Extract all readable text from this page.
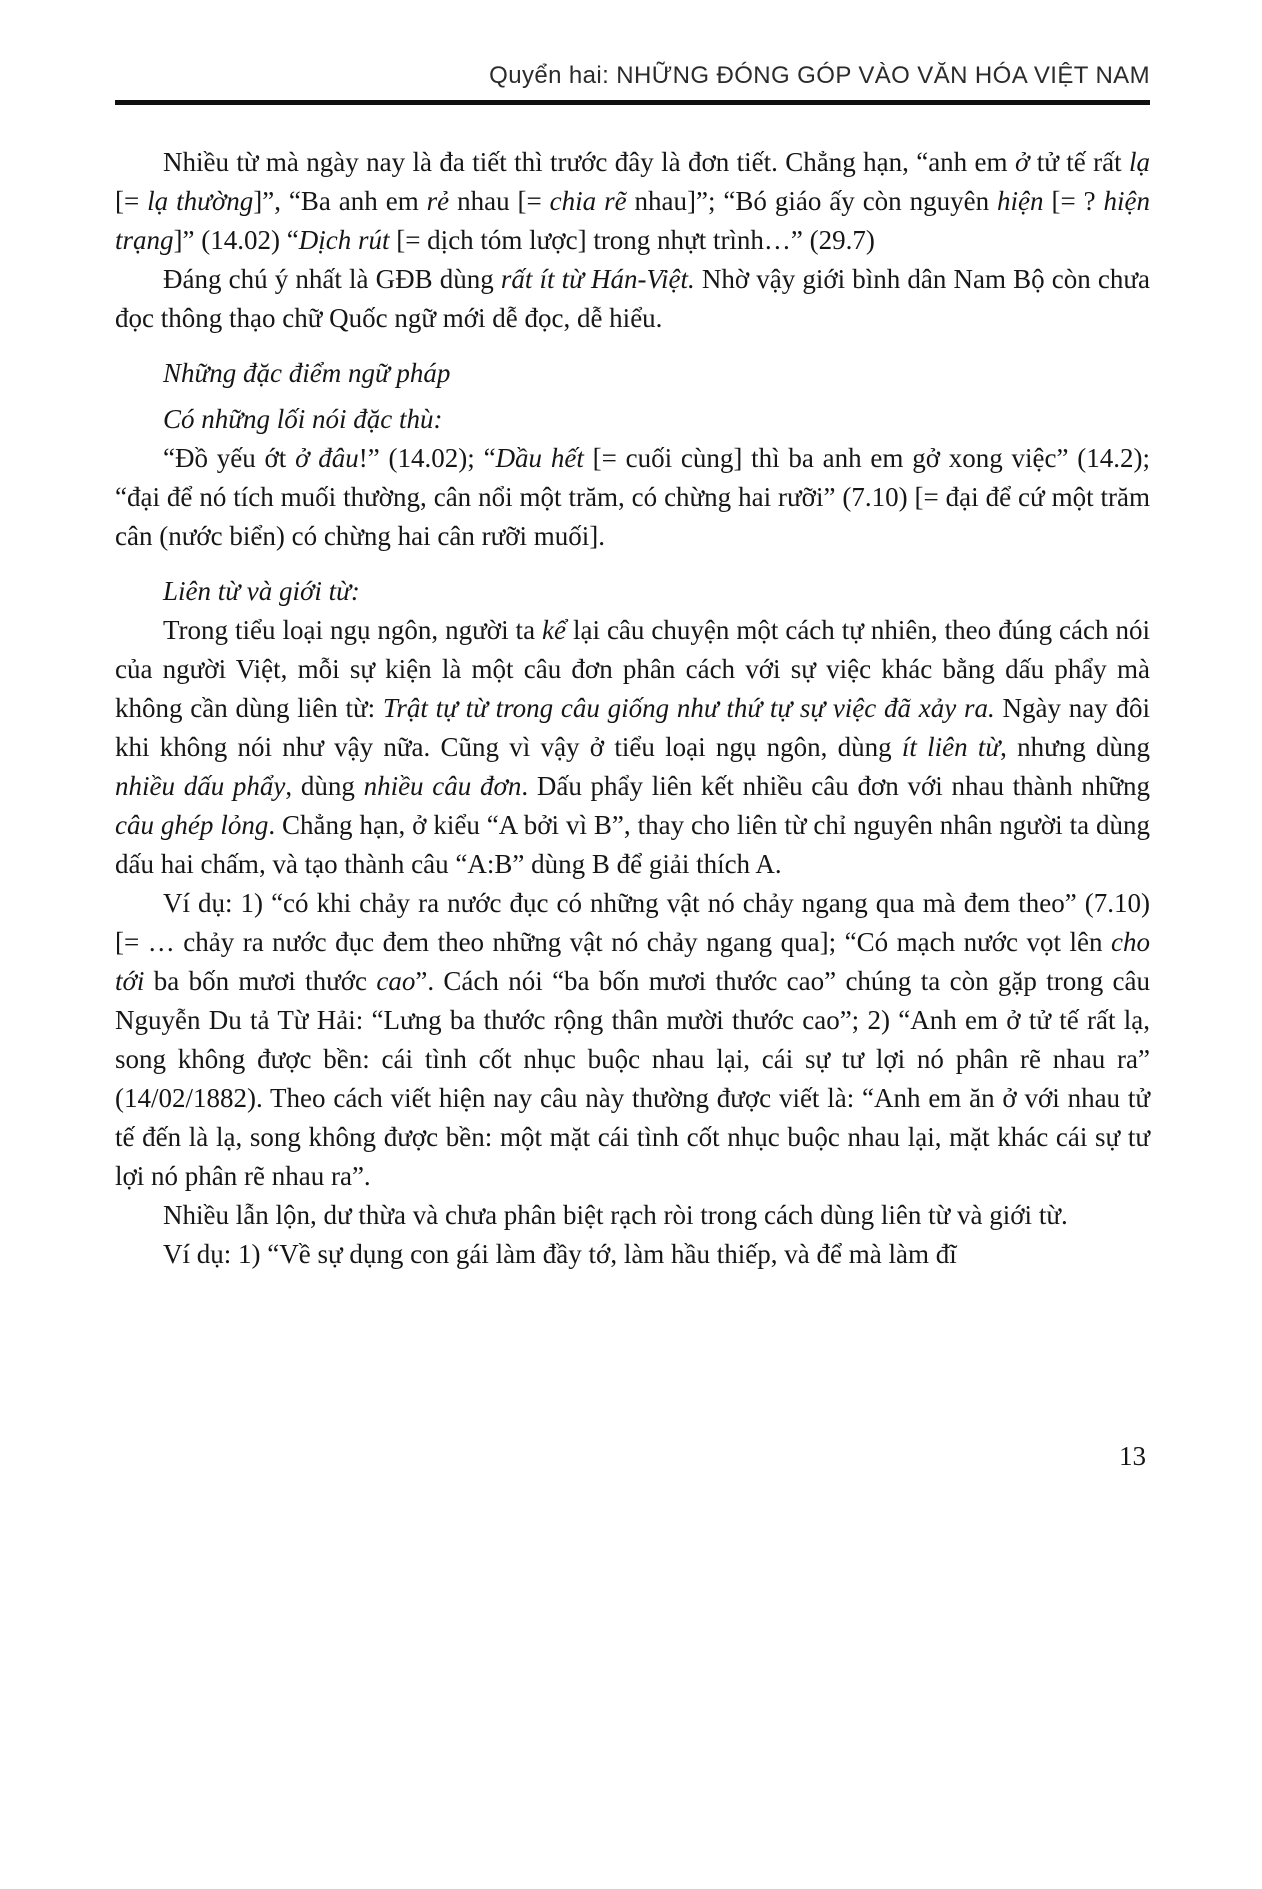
Quyển hai: NHỮNG ĐÓNG GÓP VÀO VĂN HÓA VIỆT NAM

Nhiều từ mà ngày nay là đa tiết thì trước đây là đơn tiết. Chẳng hạn, “anh em ở tử tế rất lạ [= lạ thường]”, “Ba anh em rẻ nhau [= chia rẽ nhau]”; “Bó giáo ấy còn nguyên hiện [= ? hiện trạng]” (14.02) “Dịch rút [= dịch tóm lược] trong nhựt trình…” (29.7)

Đáng chú ý nhất là GĐB dùng rất ít từ Hán-Việt. Nhờ vậy giới bình dân Nam Bộ còn chưa đọc thông thạo chữ Quốc ngữ mới dễ đọc, dễ hiểu.

Những đặc điểm ngữ pháp

Có những lối nói đặc thù:

“Đồ yếu ớt ở đâu!” (14.02); “Dầu hết [= cuối cùng] thì ba anh em gở xong việc” (14.2); “đại để nó tích muối thường, cân nổi một trăm, có chừng hai rưỡi” (7.10) [= đại để cứ một trăm cân (nước biển) có chừng hai cân rưỡi muối].

Liên từ và giới từ:

Trong tiểu loại ngụ ngôn, người ta kể lại câu chuyện một cách tự nhiên, theo đúng cách nói của người Việt, mỗi sự kiện là một câu đơn phân cách với sự việc khác bằng dấu phẩy mà không cần dùng liên từ: Trật tự từ trong câu giống như thứ tự sự việc đã xảy ra. Ngày nay đôi khi không nói như vậy nữa. Cũng vì vậy ở tiểu loại ngụ ngôn, dùng ít liên từ, nhưng dùng nhiều dấu phẩy, dùng nhiều câu đơn. Dấu phẩy liên kết nhiều câu đơn với nhau thành những câu ghép lỏng. Chẳng hạn, ở kiểu “A bởi vì B”, thay cho liên từ chỉ nguyên nhân người ta dùng dấu hai chấm, và tạo thành câu “A:B” dùng B để giải thích A.

Ví dụ: 1) “có khi chảy ra nước đục có những vật nó chảy ngang qua mà đem theo” (7.10) [= … chảy ra nước đục đem theo những vật nó chảy ngang qua]; “Có mạch nước vọt lên cho tới ba bốn mươi thước cao”. Cách nói “ba bốn mươi thước cao” chúng ta còn gặp trong câu Nguyễn Du tả Từ Hải: “Lưng ba thước rộng thân mười thước cao”; 2) “Anh em ở tử tế rất lạ, song không được bền: cái tình cốt nhục buộc nhau lại, cái sự tư lợi nó phân rẽ nhau ra” (14/02/1882). Theo cách viết hiện nay câu này thường được viết là: “Anh em ăn ở với nhau tử tế đến là lạ, song không được bền: một mặt cái tình cốt nhục buộc nhau lại, mặt khác cái sự tư lợi nó phân rẽ nhau ra”.

Nhiều lẫn lộn, dư thừa và chưa phân biệt rạch ròi trong cách dùng liên từ và giới từ.

Ví dụ: 1) “Về sự dụng con gái làm đầy tớ, làm hầu thiếp, và để mà làm đĩ

13
